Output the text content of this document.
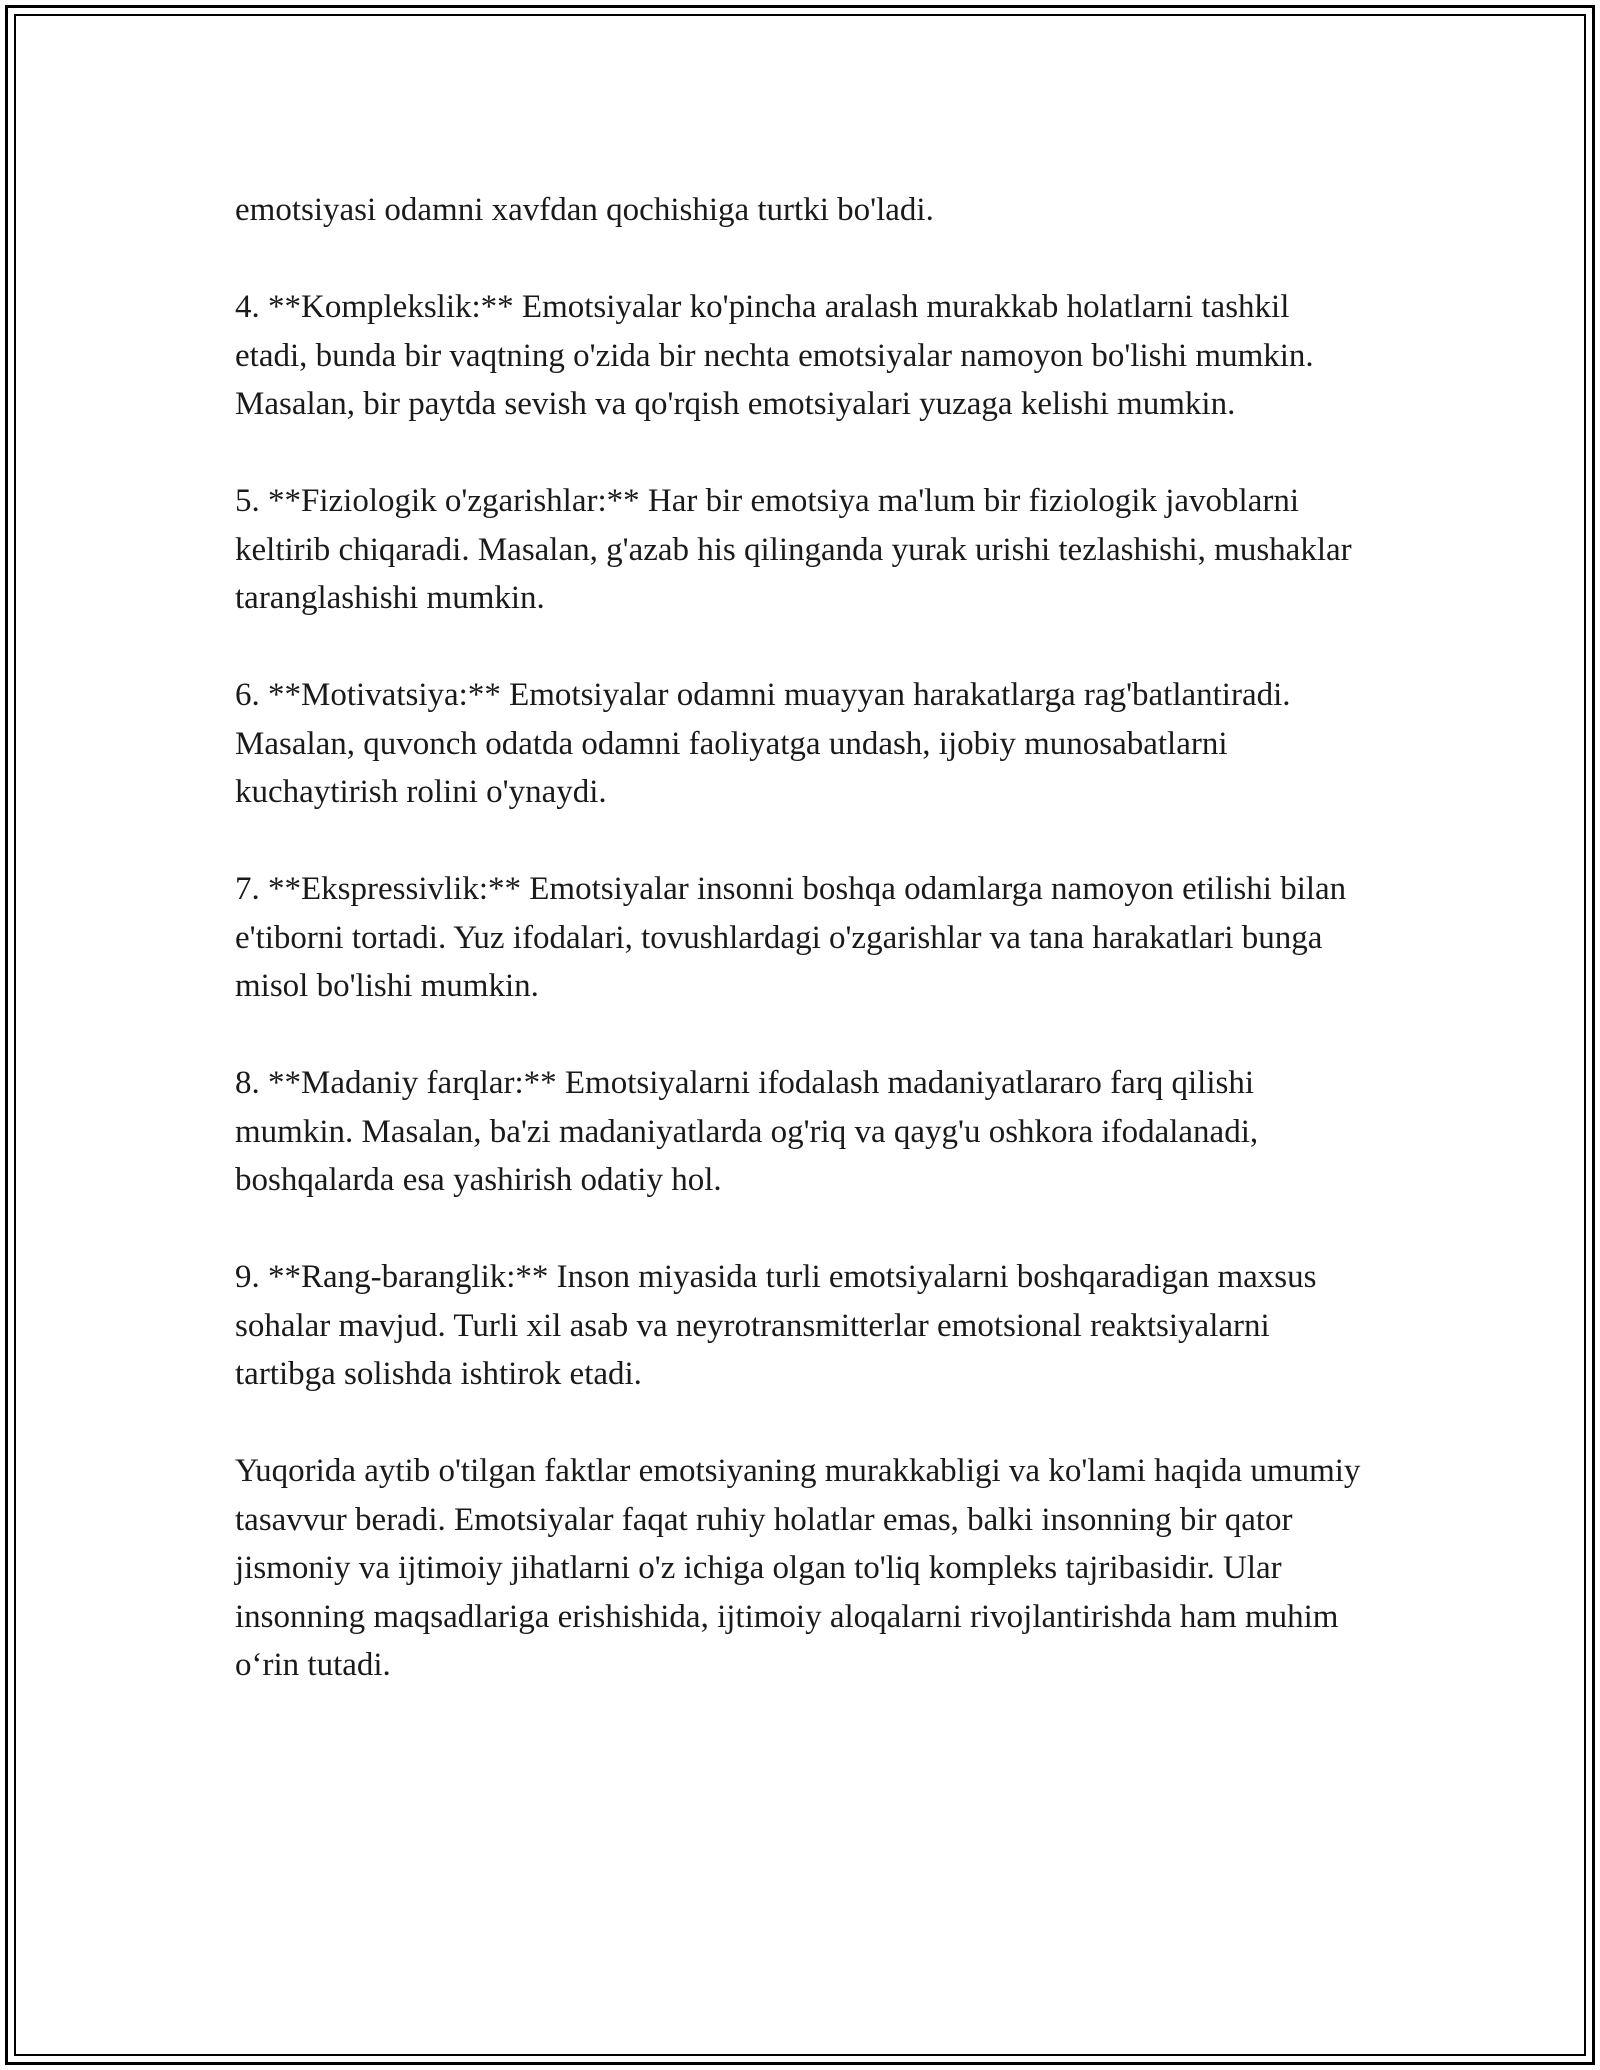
emotsiyasi odamni xavfdan qochishiga turtki bo'ladi.

4. **Komplekslik:** Emotsiyalar ko'pincha aralash murakkab holatlarni tashkil etadi, bunda bir vaqtning o'zida bir nechta emotsiyalar namoyon bo'lishi mumkin. Masalan, bir paytda sevish va qo'rqish emotsiyalari yuzaga kelishi mumkin.

5. **Fiziologik o'zgarishlar:** Har bir emotsiya ma'lum bir fiziologik javoblarni keltirib chiqaradi. Masalan, g'azab his qilinganda yurak urishi tezlashishi, mushaklar taranglashishi mumkin.

6. **Motivatsiya:** Emotsiyalar odamni muayyan harakatlarga rag'batlantiradi. Masalan, quvonch odatda odamni faoliyatga undash, ijobiy munosabatlarni kuchaytirish rolini o'ynaydi.

7. **Ekspressivlik:** Emotsiyalar insonni boshqa odamlarga namoyon etilishi bilan e'tiborni tortadi. Yuz ifodalari, tovushlardagi o'zgarishlar va tana harakatlari bunga misol bo'lishi mumkin.

8. **Madaniy farqlar:** Emotsiyalarni ifodalash madaniyatlararo farq qilishi mumkin. Masalan, ba'zi madaniyatlarda og'riq va qayg'u oshkora ifodalanadi, boshqalarda esa yashirish odatiy hol.

9. **Rang-baranglik:** Inson miyasida turli emotsiyalarni boshqaradigan maxsus sohalar mavjud. Turli xil asab va neyrotransmitterlar emotsional reaktsiyalarni tartibga solishda ishtirok etadi.

Yuqorida aytib o'tilgan faktlar emotsiyaning murakkabligi va ko'lami haqida umumiy tasavvur beradi. Emotsiyalar faqat ruhiy holatlar emas, balki insonning bir qator jismoniy va ijtimoiy jihatlarni o'z ichiga olgan to'liq kompleks tajribasidir. Ular insonning maqsadlariga erishishida, ijtimoiy aloqalarni rivojlantirishda ham muhim o‘rin tutadi.
